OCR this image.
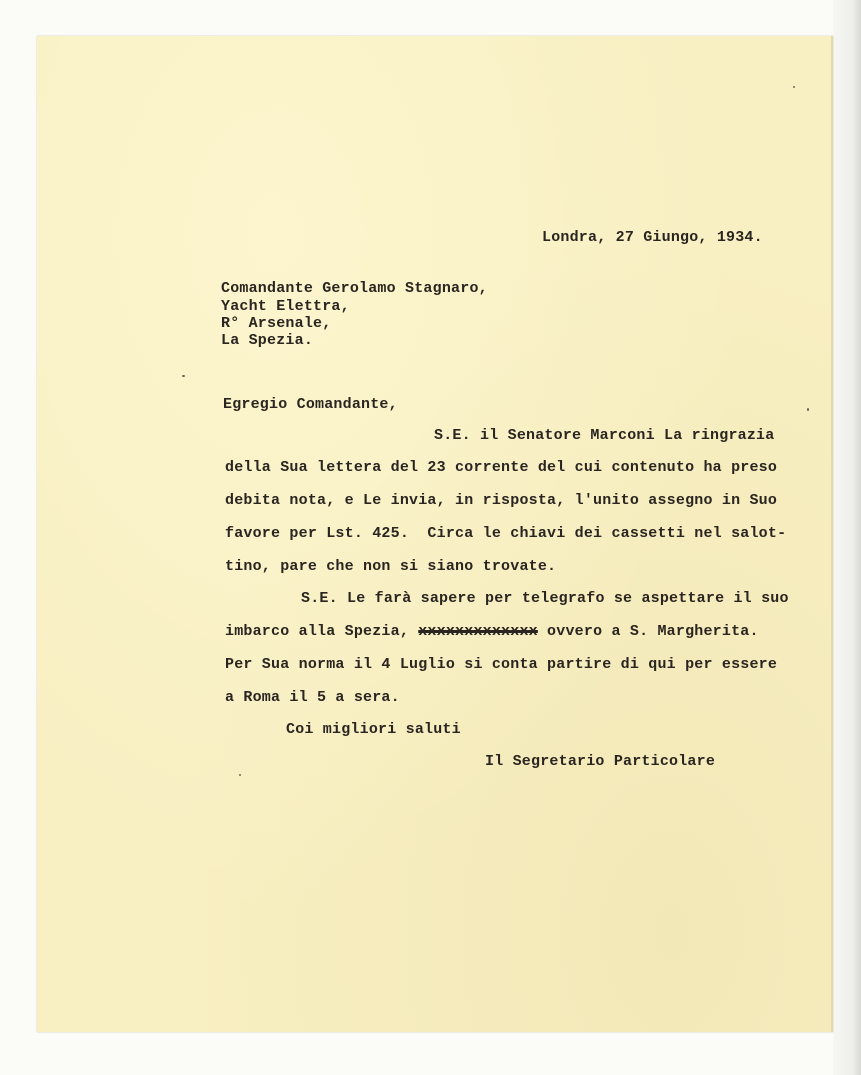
Londra, 27 Giungo, 1934.
Comandante Gerolamo Stagnaro,
Yacht Elettra,
R° Arsenale,
La Spezia.
Egregio Comandante,
S.E. il Senatore Marconi La ringrazia
della Sua lettera del 23 corrente del cui contenuto ha preso
debita nota, e Le invia, in risposta, l'unito assegno in Suo
favore per Lst. 425.  Circa le chiavi dei cassetti nel salot-
tino, pare che non si siano trovate.
S.E. Le farà sapere per telegrafo se aspettare il suo
imbarco alla Spezia, xxxxxxxxxxxxx ovvero a S. Margherita.
Per Sua norma il 4 Luglio si conta partire di qui per essere
a Roma il 5 a sera.
Coi migliori saluti
Il Segretario Particolare
